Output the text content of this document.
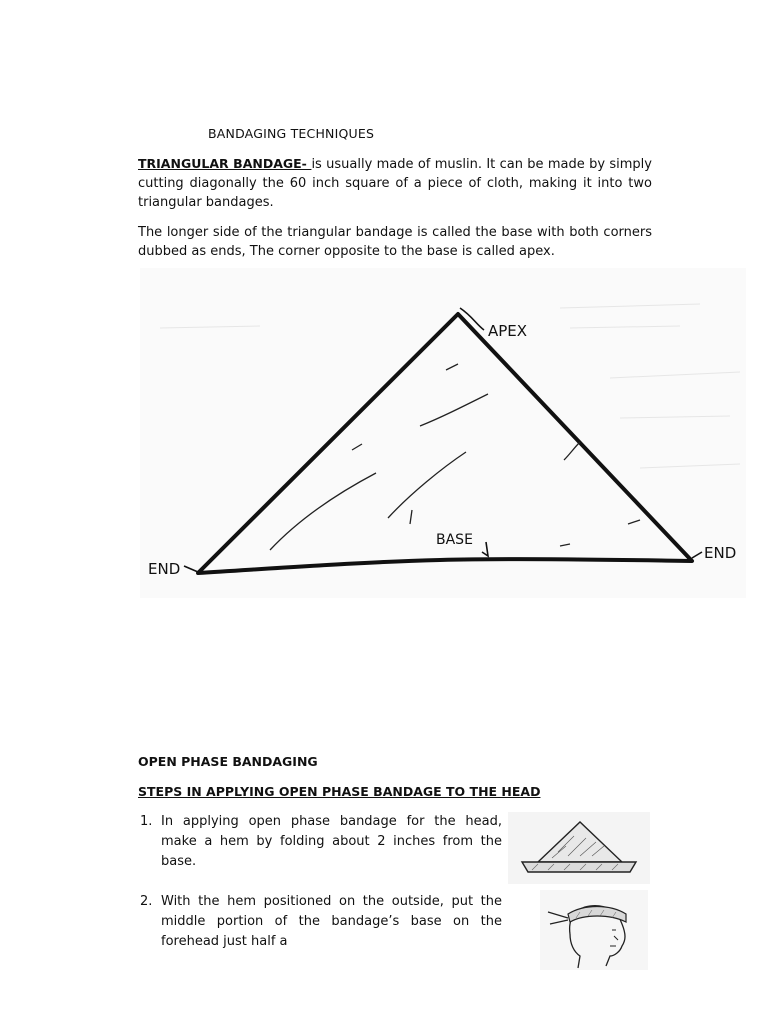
BANDAGING TECHNIQUES
TRIANGULAR BANDAGE- is usually made of muslin. It can be made by simply cutting diagonally the 60 inch square of a piece of cloth, making it into two triangular bandages.
The longer side of the triangular bandage is called the base with both corners dubbed as ends, The corner opposite to the base is called apex.
APEX
BASE
END
END
OPEN PHASE BANDAGING
STEPS IN APPLYING OPEN PHASE BANDAGE TO THE HEAD
1. In applying open phase bandage for the head, make a hem by folding about 2 inches from the base.
2. With the hem positioned on the outside, put the middle portion of the bandage’s base on the forehead just half a
